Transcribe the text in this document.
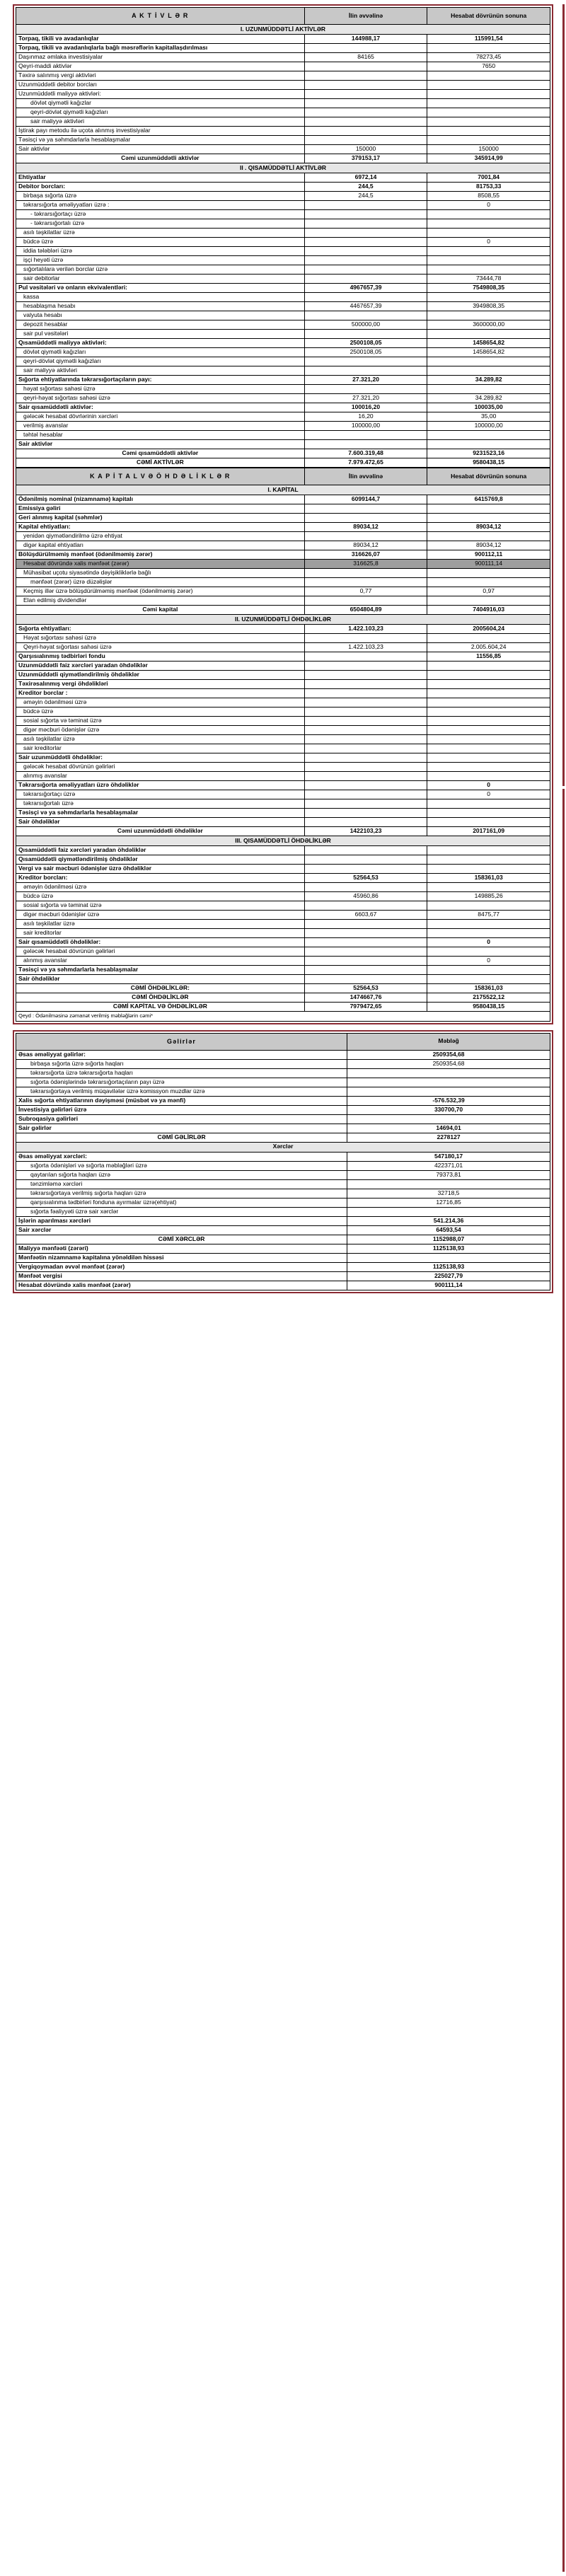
A K T İ V L Ə R	İlin əvvəlinə	Hesabat dövrünün sonuna
I. UZUNMÜDDƏTLİ AKTİVLƏR		
Torpaq, tikili və avadanlıqlar	144988,17	115991,54
Torpaq, tikili və avadanlıqlarla bağlı məsrəflərin kapitallaşdırılması		
Daşınmaz əmlaka investisiyalar	84165	78273,45
Qeyri-maddi aktivlər		7650
Təxirə salınmış vergi aktivləri		
Uzunmüddətli debitor borcları		
Uzunmüddətli maliyyə aktivləri:		
dövlət qiymətli kağızlar		
qeyri-dövlət qiymətli kağızları		
sair maliyyə aktivləri		
İştirak payı metodu ilə uçota alınmış investisiyalar		
Təsisçi və ya səhmdarlarla hesablaşmalar		
Sair aktivlər	150000	150000
Cəmi uzunmüddətli aktivlər	379153,17	345914,99
II . QISAMÜDDƏTLİ AKTİVLƏR		
Ehtiyatlar	6972,14	7001,84
Debitor borcları:	244,5	81753,33
birbaşa sığorta üzrə	244,5	8508,55
təkrarsığorta əməliyyatları üzrə :		0
- təkrarsığortaçı üzrə		
- təkrarsığortalı üzrə		
asılı təşkilatlar üzrə		
büdcə üzrə		0
iddia tələbləri üzrə		
işçi heyəti üzrə		
sığortalılara verilən borclar üzrə		
sair debitorlar		73444,78
Pul vəsitələri və onların ekvivalentləri:	4967657,39	7549808,35
kassa		
hesablaşma hesabı	4467657,39	3949808,35
valyuta hesabı		
depozit hesablar	500000,00	3600000,00
sair pul vəsitələri		
Qısamüddətli maliyyə aktivləri:	2500108,05	1458654,82
dövlət qiymətli kağızları	2500108,05	1458654,82
qeyri-dövlət qiymətli kağızları		
sair maliyyə aktivləri		
Sığorta ehtiyatlarında təkrarsığortaçıların payı:	27.321,20	34.289,82
həyat sığortası sahəsi üzrə		
qeyri-həyat sığortası sahəsi üzrə	27.321,20	34.289,82
Sair qısamüddətli aktivlər:	100016,20	100035,00
gələcək hesabat dövrlərinin xərcləri	16,20	35,00
verilmiş avanslar	100000,00	100000,00
təhtəl hesablar		
Sair aktivlər		
Cəmi qısamüddətli aktivlər	7.600.319,48	9231523,16
CƏMİ AKTİVLƏR	7.979.472,65	9580438,15
K A P İ T A L V Ə Ö H D Ə L İ K L Ə R	İlin əvvəlinə	Hesabat dövrünün sonuna
I. KAPİTAL		
Ödənilmiş nominal (nizamnamə) kapitalı	6099144,7	6415769,8
Emissiya gəliri		
Geri alınmış kapital (səhmlər)		
Kapital ehtiyatları:	89034,12	89034,12
yenidən qiymətləndirilmə üzrə ehtiyat		
digər kapital ehtiyatları	89034,12	89034,12
Bölüşdürülməmiş mənfəət (ödənilməmiş zərər)	316626,07	900112,11
Hesabat dövründə xalis mənfəət (zərər)	316625,8	900111,14
Mühasibat uçotu siyasətində dəyişikliklərlə bağlı		
mənfəət (zərər) üzrə düzəlişlər		
Keçmiş illər üzrə bölüşdürülməmiş mənfəət (ödənilməmiş zərər)	0,77	0,97
Elan edilmiş dividendlər		
Cəmi kapital	6504804,89	7404916,03
II. UZUNMÜDDƏTLİ ÖHDƏLİKLƏR		
Sığorta ehtiyatları:	1.422.103,23	2005604,24
Həyat sığortası sahəsi üzrə		
Qeyri-həyat sığortası sahəsi üzrə	1.422.103,23	2.005.604,24
Qarşısıalınmış tədbirləri fondu		11556,85
Uzunmüddətli faiz xərcləri yaradan öhdəliklər		
Uzunmüddətli qiymətləndirilmiş öhdəliklər		
Təxirəsalınmış vergi öhdəlikləri		
Kreditor borclar :		
əməyin ödənilməsi üzrə		
büdcə üzrə		
sosial sığorta və təminat üzrə		
digər məcburi ödənişlər üzrə		
asılı təşkilatlar üzrə		
sair kreditorlar		
Sair uzunmüddətli öhdəliklər:		
gələcək hesabat dövrünün gəlirləri		
alınmış avanslar		
Təkrarsığorta əməliyyatları üzrə öhdəliklər		0
təkrarsığortaçı üzrə		0
təkrarsığortalı üzrə		
Təsisçi və ya səhmdarlarla hesablaşmalar		
Sair öhdəliklər		
Cəmi uzunmüddətli öhdəliklər	1422103,23	2017161,09
III. QISAMÜDDƏTLİ ÖHDƏLİKLƏR		
Qısamüddətli faiz xərcləri yaradan öhdəliklər		
Qısamüddətli qiymətləndirilmiş öhdəliklər		
Vergi və sair məcburi ödənişlər üzrə öhdəliklər		
Kreditor borcları:	52564,53	158361,03
əməyin ödənilməsi üzrə		
büdcə üzrə	45960,86	149885,26
sosial sığorta və təminat üzrə		
digər məcburi ödənişlər üzrə	6603,67	8475,77
asılı təşkilatlar üzrə		
sair kreditorlar		
Sair qısamüddətli öhdəliklər:		0
gələcək hesabat dövrünün gəlirləri		
alınmış avanslar		0
Təsisçi və ya səhmdarlarla hesablaşmalar		
Sair öhdəliklər		
CƏMİ ÖHDƏLİKLƏR:	52564,53	158361,03
CƏMİ ÖHDƏLİKLƏR	1474667,76	2175522,12
CƏMİ KAPİTAL VƏ ÖHDƏLİKLƏR	7979472,65	9580438,15
Qeyd : Ödənilməsinə zəmanət verilmiş məbləğlərin cəmi*		
Gəlirlər	Məbləğ
Əsas əməliyyat gəlirlər:	2509354,68
birbaşa sığorta üzrə sığorta haqları	2509354,68
təkrarsığorta üzrə təkrarsığorta haqları	
sığorta ödənişlərində təkrarsığortaçıların payı üzrə	
təkrarsığortaya verilmiş müqavilələr üzrə komissyon muzdlar üzrə	
Xalis sığorta ehtiyatlarının dəyişməsi (müsbət və ya mənfi)	-576.532,39
İnvestisiya gəlirləri üzrə	330700,70
Subroqasiya gəlirləri	
Sair gəlirlər	14694,01
CƏMİ GƏLİRLƏR	2278127
Xərclər	
Əsas əməliyyat xərcləri:	547180,17
sığorta ödənişləri və sığorta məbləğləri üzrə	422371,01
qaytarılan sığorta haqları üzrə	79373,81
tənzimləmə xərcləri	
təkrarsığortaya verilmiş sığorta haqları üzrə	32718,5
qarşısıalınma tədbirləri fonduna ayırmalar üzrə(ehtiyat)	12716,85
sığorta fəaliyyəti üzrə sair xərclər	
İşlərin aparılması xərcləri	541.214,36
Sair xərclər	64593,54
CƏMİ XƏRCLƏR	1152988,07
Maliyyə mənfəəti (zərəri)	1125138,93
Mənfəətin nizamnamə kapitalına yönəldilən hissəsi	
Vergiqoymadan əvvəl mənfəət (zərər)	1125138,93
Mənfəət vergisi	225027,79
Hesabat dövründə xalis mənfəət (zərər)	900111,14
